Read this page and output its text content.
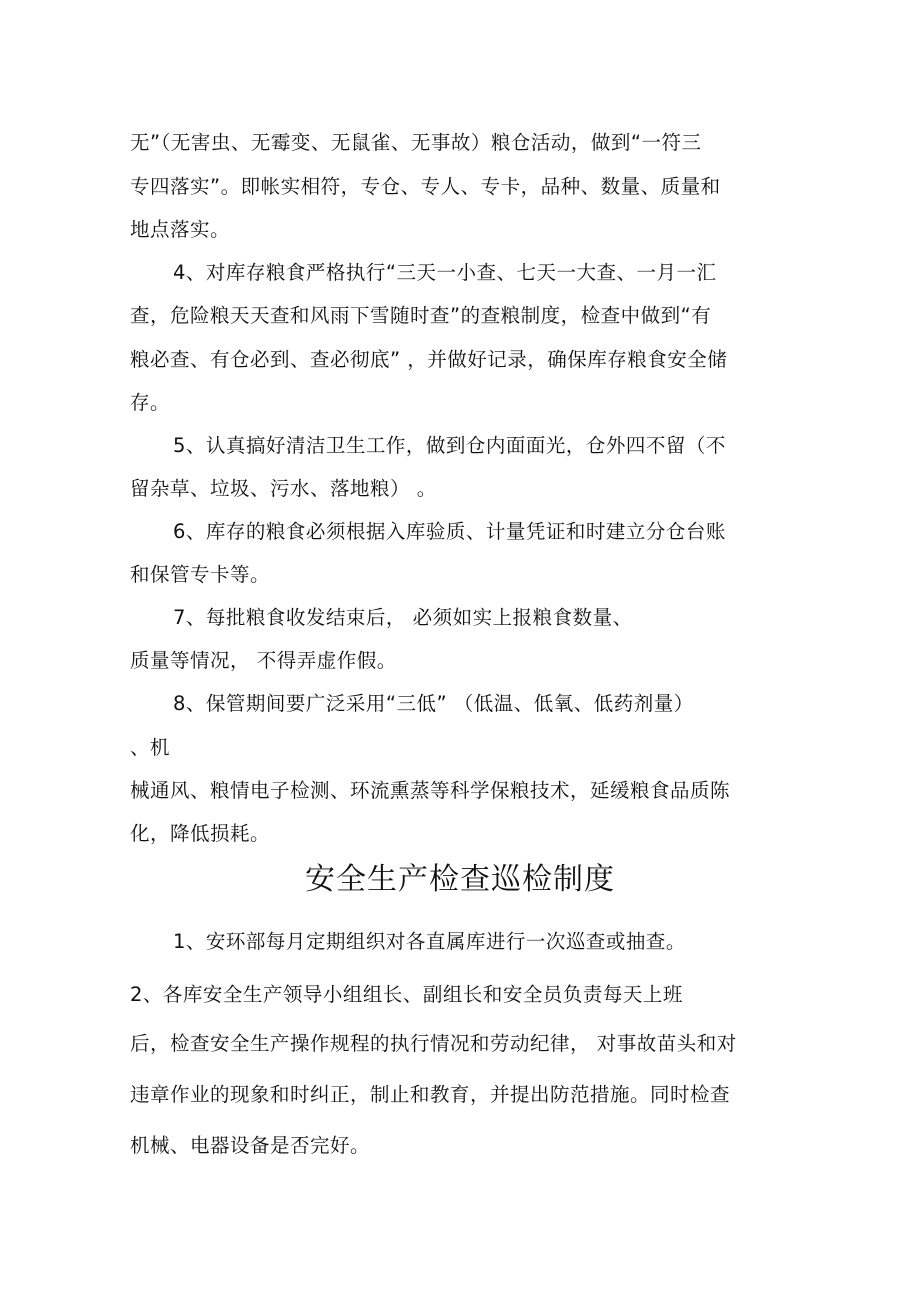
无”（无害虫、无霉变、无鼠雀、无事故）粮仓活动，做到“一符三

专四落实”。即帐实相符，专仓、专人、专卡，品种、数量、质量和

地点落实。

4、对库存粮食严格执行“三天一小查、七天一大查、一月一汇

查，危险粮天天查和风雨下雪随时查”的查粮制度，检查中做到“有

粮必查、有仓必到、查必彻底” ，并做好记录，确保库存粮食安全储

存。

5、认真搞好清洁卫生工作，做到仓内面面光，仓外四不留（不

留杂草、垃圾、污水、落地粮） 。

6、库存的粮食必须根据入库验质、计量凭证和时建立分仓台账

和保管专卡等。

7、每批粮食收发结束后， 必须如实上报粮食数量、

质量等情况， 不得弄虚作假。

8、保管期间要广泛采用“三低” （低温、低氧、低药剂量）

、机

械通风、粮情电子检测、环流熏蒸等科学保粮技术，延缓粮食品质陈

化，降低损耗。

安全生产检查巡检制度

1、安环部每月定期组织对各直属库进行一次巡查或抽查。

2、各库安全生产领导小组组长、副组长和安全员负责每天上班

后，检查安全生产操作规程的执行情况和劳动纪律， 对事故苗头和对

违章作业的现象和时纠正，制止和教育，并提出防范措施。同时检查

机械、电器设备是否完好。
